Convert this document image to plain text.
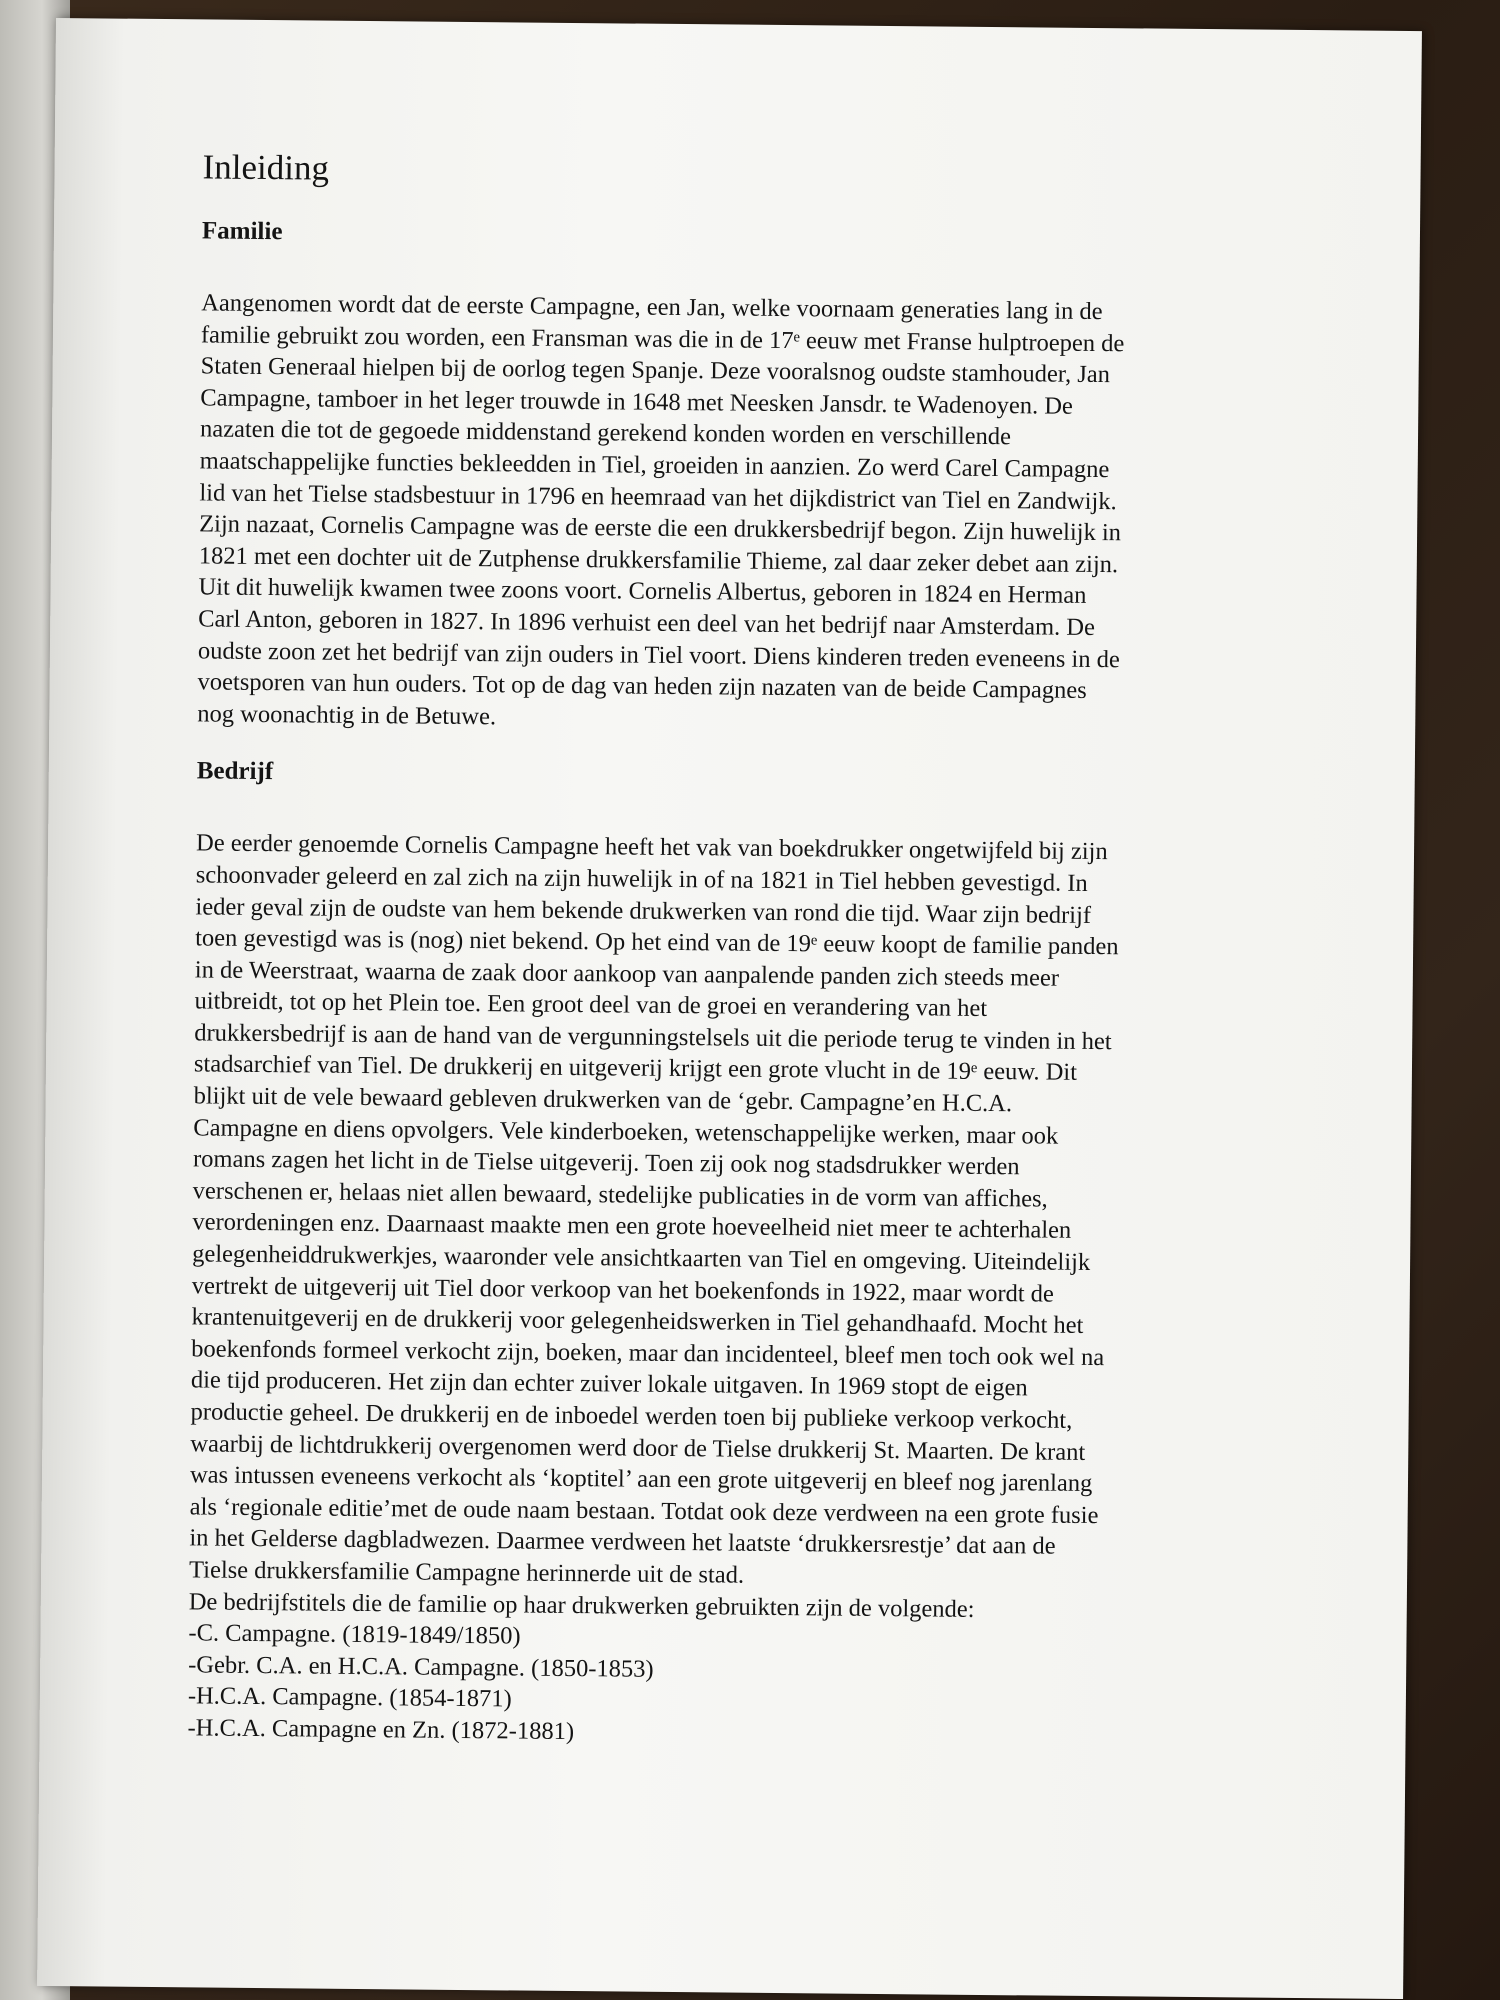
Inleiding
Familie

Aangenomen wordt dat de eerste Campagne, een Jan, welke voornaam generaties lang in de
familie gebruikt zou worden, een Fransman was die in de 17ᵉ eeuw met Franse hulptroepen de
Staten Generaal hielpen bij de oorlog tegen Spanje. Deze vooralsnog oudste stamhouder, Jan
Campagne, tamboer in het leger trouwde in 1648 met Neesken Jansdr. te Wadenoyen. De
nazaten die tot de gegoede middenstand gerekend konden worden en verschillende
maatschappelijke functies bekleedden in Tiel, groeiden in aanzien. Zo werd Carel Campagne
lid van het Tielse stadsbestuur in 1796 en heemraad van het dijkdistrict van Tiel en Zandwijk.
Zijn nazaat, Cornelis Campagne was de eerste die een drukkersbedrijf begon. Zijn huwelijk in
1821 met een dochter uit de Zutphense drukkersfamilie Thieme, zal daar zeker debet aan zijn.
Uit dit huwelijk kwamen twee zoons voort. Cornelis Albertus, geboren in 1824 en Herman
Carl Anton, geboren in 1827. In 1896 verhuist een deel van het bedrijf naar Amsterdam. De
oudste zoon zet het bedrijf van zijn ouders in Tiel voort. Diens kinderen treden eveneens in de
voetsporen van hun ouders. Tot op de dag van heden zijn nazaten van de beide Campagnes
nog woonachtig in de Betuwe.

Bedrijf

De eerder genoemde Cornelis Campagne heeft het vak van boekdrukker ongetwijfeld bij zijn
schoonvader geleerd en zal zich na zijn huwelijk in of na 1821 in Tiel hebben gevestigd. In
ieder geval zijn de oudste van hem bekende drukwerken van rond die tijd. Waar zijn bedrijf
toen gevestigd was is (nog) niet bekend. Op het eind van de 19ᵉ eeuw koopt de familie panden
in de Weerstraat, waarna de zaak door aankoop van aanpalende panden zich steeds meer
uitbreidt, tot op het Plein toe. Een groot deel van de groei en verandering van het
drukkersbedrijf is aan de hand van de vergunningstelsels uit die periode terug te vinden in het
stadsarchief van Tiel. De drukkerij en uitgeverij krijgt een grote vlucht in de 19ᵉ eeuw. Dit
blijkt uit de vele bewaard gebleven drukwerken van de ‘gebr. Campagne’en H.C.A.
Campagne en diens opvolgers. Vele kinderboeken, wetenschappelijke werken, maar ook
romans zagen het licht in de Tielse uitgeverij. Toen zij ook nog stadsdrukker werden
verschenen er, helaas niet allen bewaard, stedelijke publicaties in de vorm van affiches,
verordeningen enz. Daarnaast maakte men een grote hoeveelheid niet meer te achterhalen
gelegenheiddrukwerkjes, waaronder vele ansichtkaarten van Tiel en omgeving. Uiteindelijk
vertrekt de uitgeverij uit Tiel door verkoop van het boekenfonds in 1922, maar wordt de
krantenuitgeverij en de drukkerij voor gelegenheidswerken in Tiel gehandhaafd. Mocht het
boekenfonds formeel verkocht zijn, boeken, maar dan incidenteel, bleef men toch ook wel na
die tijd produceren. Het zijn dan echter zuiver lokale uitgaven. In 1969 stopt de eigen
productie geheel. De drukkerij en de inboedel werden toen bij publieke verkoop verkocht,
waarbij de lichtdrukkerij overgenomen werd door de Tielse drukkerij St. Maarten. De krant
was intussen eveneens verkocht als ‘koptitel’ aan een grote uitgeverij en bleef nog jarenlang
als ‘regionale editie’met de oude naam bestaan. Totdat ook deze verdween na een grote fusie
in het Gelderse dagbladwezen. Daarmee verdween het laatste ‘drukkersrestje’ dat aan de
Tielse drukkersfamilie Campagne herinnerde uit de stad.
De bedrijfstitels die de familie op haar drukwerken gebruikten zijn de volgende:

-C. Campagne. (1819-1849/1850)

-Gebr. C.A. en H.C.A. Campagne. (1850-1853)

-H.C.A. Campagne. (1854-1871)

-H.C.A. Campagne en Zn. (1872-1881)
